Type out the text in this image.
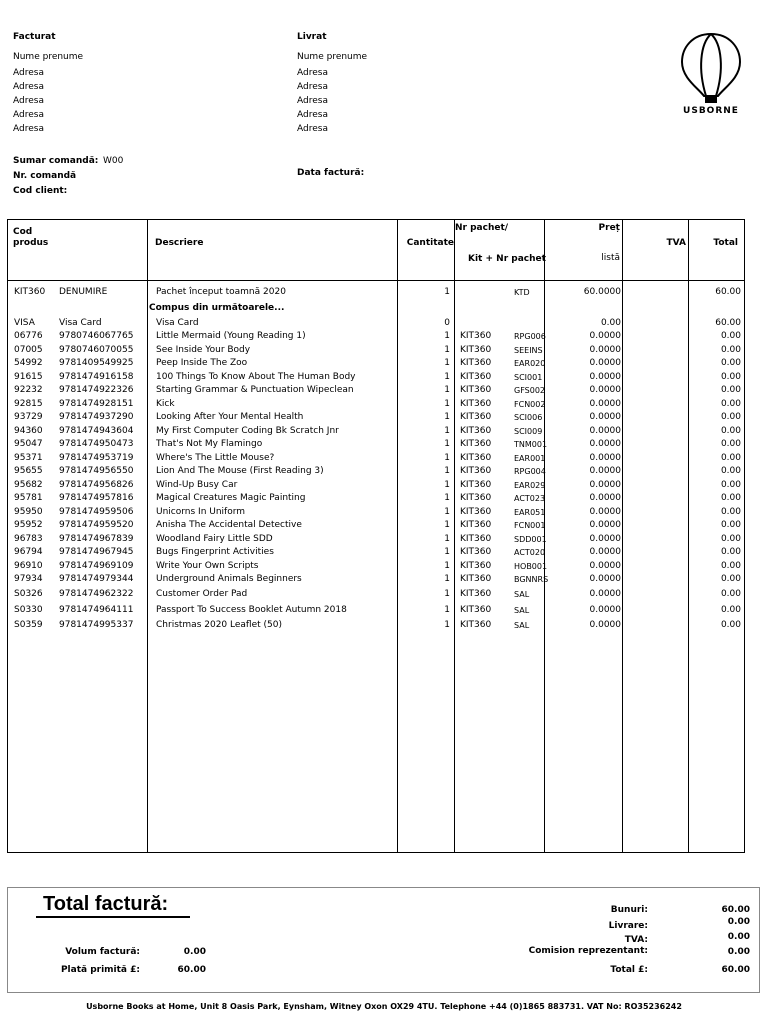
Facturat
Nume prenume
Adresa
Adresa
Adresa
Adresa
Adresa
Livrat
Nume prenume
Adresa
Adresa
Adresa
Adresa
Adresa
USBORNE
Sumar comandă: W00
Nr. comandă
Cod client:
Data factură:
Cod
produs	Descriere	Cantitate
Nr pachet/
Kit + Nr pachet
Preț
listă
TVA	Total
KIT360 DENUMIRE	Pachet început toamnă 2020	1	KTD	60.0000	60.00
Compus din următoarele...
VISA	Visa Card	Visa Card	0	0.00	60.00
06776 9780746067765	Little Mermaid (Young Reading 1)	1 KIT360	RPG006	0.0000	0.00
07005 9780746070055	See Inside Your Body	1 KIT360	SEEINS	0.0000	0.00
54992 9781409549925	Peep Inside The Zoo	1 KIT360	EAR020	0.0000	0.00
91615 9781474916158	100 Things To Know About The Human Body	1 KIT360	SCI001	0.0000	0.00
92232 9781474922326	Starting Grammar & Punctuation Wipeclean	1 KIT360	GFS002	0.0000	0.00
92815 9781474928151	Kick	1 KIT360	FCN002	0.0000	0.00
93729 9781474937290	Looking After Your Mental Health	1 KIT360	SCI006	0.0000	0.00
94360 9781474943604	My First Computer Coding Bk Scratch Jnr	1 KIT360	SCI009	0.0000	0.00
95047 9781474950473	That's Not My Flamingo	1 KIT360	TNM001	0.0000	0.00
95371 9781474953719	Where's The Little Mouse?	1 KIT360	EAR001	0.0000	0.00
95655 9781474956550	Lion And The Mouse (First Reading 3)	1 KIT360	RPG004	0.0000	0.00
95682 9781474956826	Wind-Up Busy Car	1 KIT360	EAR029	0.0000	0.00
95781 9781474957816	Magical Creatures Magic Painting	1 KIT360	ACT023	0.0000	0.00
95950 9781474959506	Unicorns In Uniform	1 KIT360	EAR051	0.0000	0.00
95952 9781474959520	Anisha The Accidental Detective	1 KIT360	FCN001	0.0000	0.00
96783 9781474967839	Woodland Fairy Little SDD	1 KIT360	SDD001	0.0000	0.00
96794 9781474967945	Bugs Fingerprint Activities	1 KIT360	ACT020	0.0000	0.00
96910 9781474969109	Write Your Own Scripts	1 KIT360	HOB001	0.0000	0.00
97934 9781474979344	Underground Animals Beginners	1 KIT360	BGNNRS	0.0000	0.00
S0326 9781474962322	Customer Order Pad	1 KIT360	SAL	0.0000	0.00
S0330 9781474964111	Passport To Success Booklet Autumn 2018	1 KIT360	SAL	0.0000	0.00
S0359 9781474995337	Christmas 2020 Leaflet (50)	1 KIT360	SAL	0.0000	0.00
Total factură:
Volum factură:	0.00
Plată primită £:	60.00
Bunuri:	60.00
Livrare:	0.00
TVA:	0.00
Comision reprezentant:	0.00
Total £:	60.00
Usborne Books at Home, Unit 8 Oasis Park, Eynsham, Witney Oxon OX29 4TU. Telephone +44 (0)1865 883731. VAT No: RO35236242
